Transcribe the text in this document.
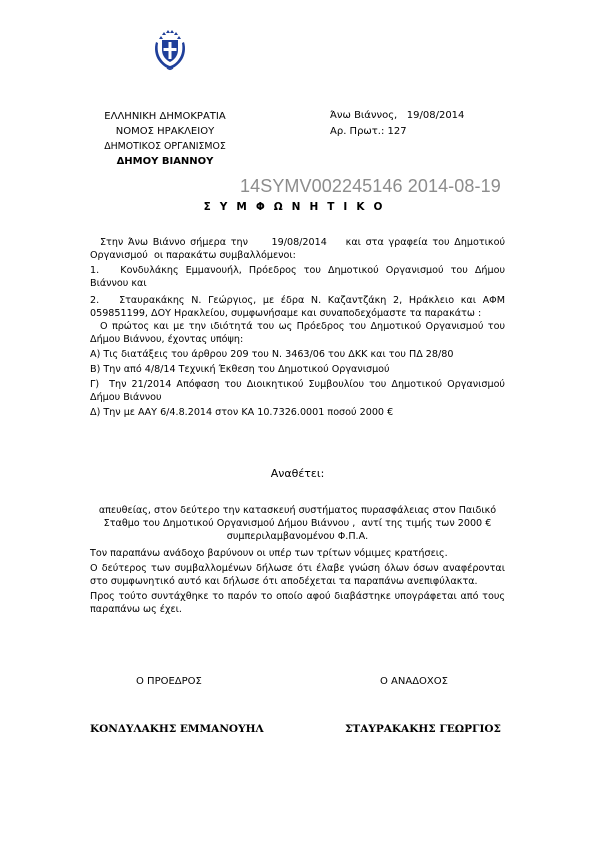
ΕΛΛΗΝΙΚΗ ΔΗΜΟΚΡΑΤΙΑ
ΝΟΜΟΣ ΗΡΑΚΛΕΙΟΥ
ΔΗΜΟΤΙΚΟΣ ΟΡΓΑΝΙΣΜΟΣ
ΔΗΜΟΥ ΒΙΑΝΝΟΥ
Άνω Βιάννος,   19/08/2014
Αρ. Πρωτ.: 127
14SYMV002245146 2014-08-19
ΣΥΜΦΩΝΗΤΙΚΟ

Στην Άνω Βιάννο σήμερα την     19/08/2014    και στα γραφεία του Δημοτικού Οργανισμού  οι παρακάτω συμβαλλόμενοι:

1.   Κονδυλάκης Εμμανουήλ, Πρόεδρος του Δημοτικού Οργανισμού του Δήμου Βιάννου και

2.   Σταυρακάκης Ν. Γεώργιος, με έδρα Ν. Καζαντζάκη 2, Ηράκλειο και ΑΦΜ 059851199, ΔΟΥ Ηρακλείου, συμφωνήσαμε και συναποδεχόμαστε τα παρακάτω :

Ο πρώτος και με την ιδιότητά του ως Πρόεδρος του Δημοτικού Οργανισμού του Δήμου Βιάννου, έχοντας υπόψη:

Α) Τις διατάξεις του άρθρου 209 του Ν. 3463/06 του ΔΚΚ και του ΠΔ 28/80

Β) Την από 4/8/14 Τεχνική Έκθεση του Δημοτικού Οργανισμού

Γ)  Την 21/2014 Απόφαση του Διοικητικού Συμβουλίου του Δημοτικού Οργανισμού Δήμου Βιάννου

Δ) Την με ΑΑΥ 6/4.8.2014 στον ΚΑ 10.7326.0001 ποσού 2000 €

Αναθέτει:

απευθείας, στον δεύτερο την κατασκευή συστήματος πυρασφάλειας στον Παιδικό Σταθμο του Δημοτικού Οργανισμού Δήμου Βιάννου ,  αντί της τιμής των 2000 € συμπεριλαμβανομένου Φ.Π.Α.

Τον παραπάνω ανάδοχο βαρύνουν οι υπέρ των τρίτων νόμιμες κρατήσεις.

Ο δεύτερος των συμβαλλομένων δήλωσε ότι έλαβε γνώση όλων όσων αναφέρονται στο συμφωνητικό αυτό και δήλωσε ότι αποδέχεται τα παραπάνω ανεπιφύλακτα.

Προς τούτο συντάχθηκε το παρόν το οποίο αφού διαβάστηκε υπογράφεται από τους παραπάνω ως έχει.

Ο ΠΡΟΕΔΡΟΣ	Ο ΑΝΑΔΟΧΟΣ
ΚΟΝΔΥΛΑΚΗΣ ΕΜΜΑΝΟΥΗΛ	ΣΤΑΥΡΑΚΑΚΗΣ ΓΕΩΡΓΙΟΣ
